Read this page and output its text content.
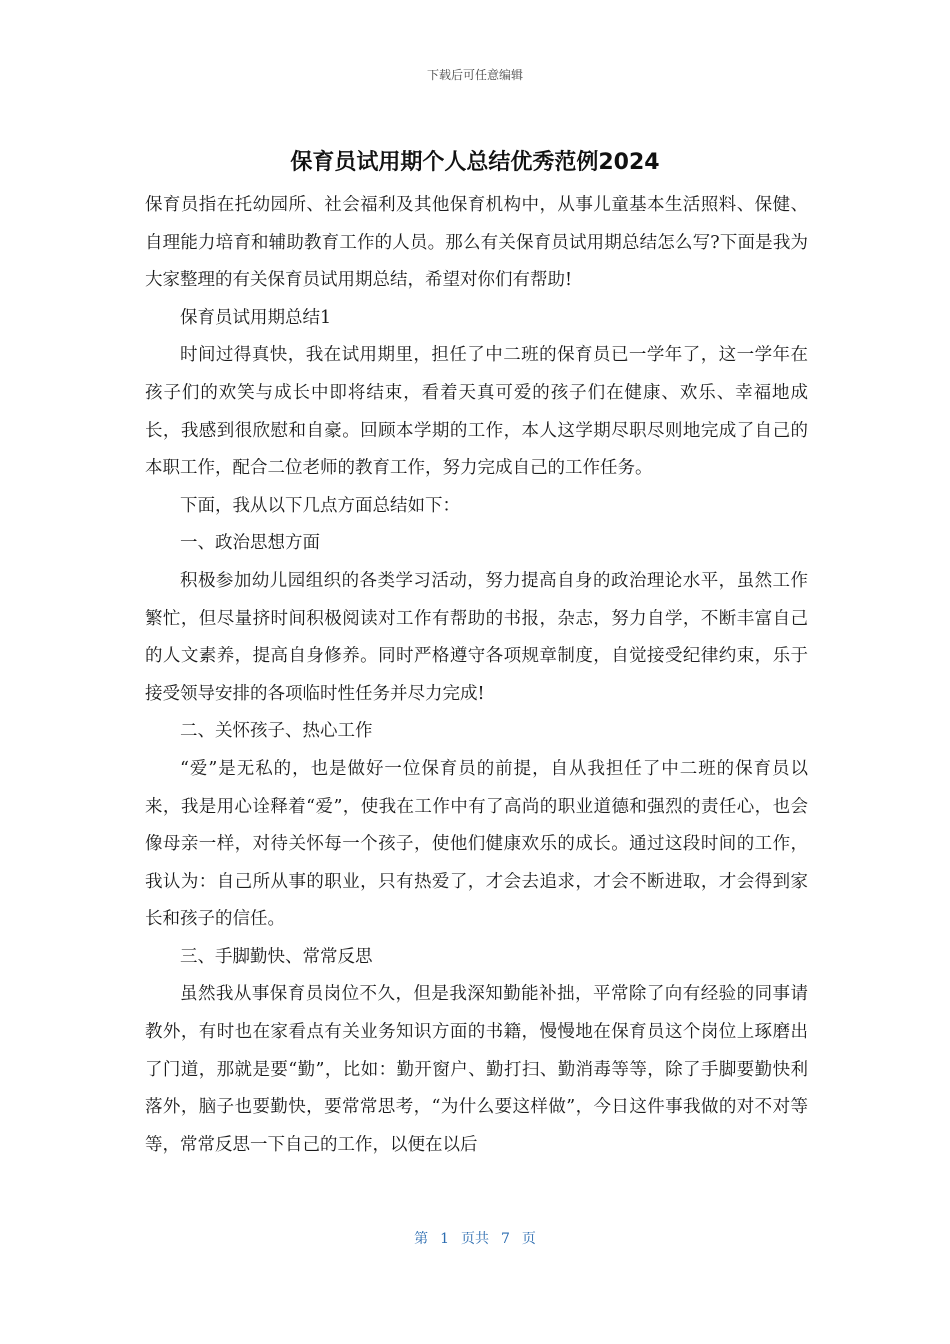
下载后可任意编辑
保育员试用期个人总结优秀范例2024

保育员指在托幼园所、社会福利及其他保育机构中，从事儿童基本生活照料、保健、自理能力培育和辅助教育工作的人员。那么有关保育员试用期总结怎么写?下面是我为大家整理的有关保育员试用期总结，希望对你们有帮助!

保育员试用期总结1

时间过得真快，我在试用期里，担任了中二班的保育员已一学年了，这一学年在孩子们的欢笑与成长中即将结束，看着天真可爱的孩子们在健康、欢乐、幸福地成长，我感到很欣慰和自豪。回顾本学期的工作，本人这学期尽职尽则地完成了自己的本职工作，配合二位老师的教育工作，努力完成自己的工作任务。

下面，我从以下几点方面总结如下：

一、政治思想方面

积极参加幼儿园组织的各类学习活动，努力提高自身的政治理论水平，虽然工作繁忙，但尽量挤时间积极阅读对工作有帮助的书报，杂志，努力自学，不断丰富自己的人文素养，提高自身修养。同时严格遵守各项规章制度，自觉接受纪律约束，乐于接受领导安排的各项临时性任务并尽力完成!

二、关怀孩子、热心工作

“爱”是无私的，也是做好一位保育员的前提，自从我担任了中二班的保育员以来，我是用心诠释着“爱”，使我在工作中有了高尚的职业道德和强烈的责任心，也会像母亲一样，对待关怀每一个孩子，使他们健康欢乐的成长。通过这段时间的工作，我认为：自己所从事的职业，只有热爱了，才会去追求，才会不断进取，才会得到家长和孩子的信任。

三、手脚勤快、常常反思

虽然我从事保育员岗位不久，但是我深知勤能补拙，平常除了向有经验的同事请教外，有时也在家看点有关业务知识方面的书籍，慢慢地在保育员这个岗位上琢磨出了门道，那就是要“勤”，比如：勤开窗户、勤打扫、勤消毒等等，除了手脚要勤快利落外，脑子也要勤快，要常常思考，“为什么要这样做”，今日这件事我做的对不对等等，常常反思一下自己的工作，以便在以后

第 1 页共 7 页
